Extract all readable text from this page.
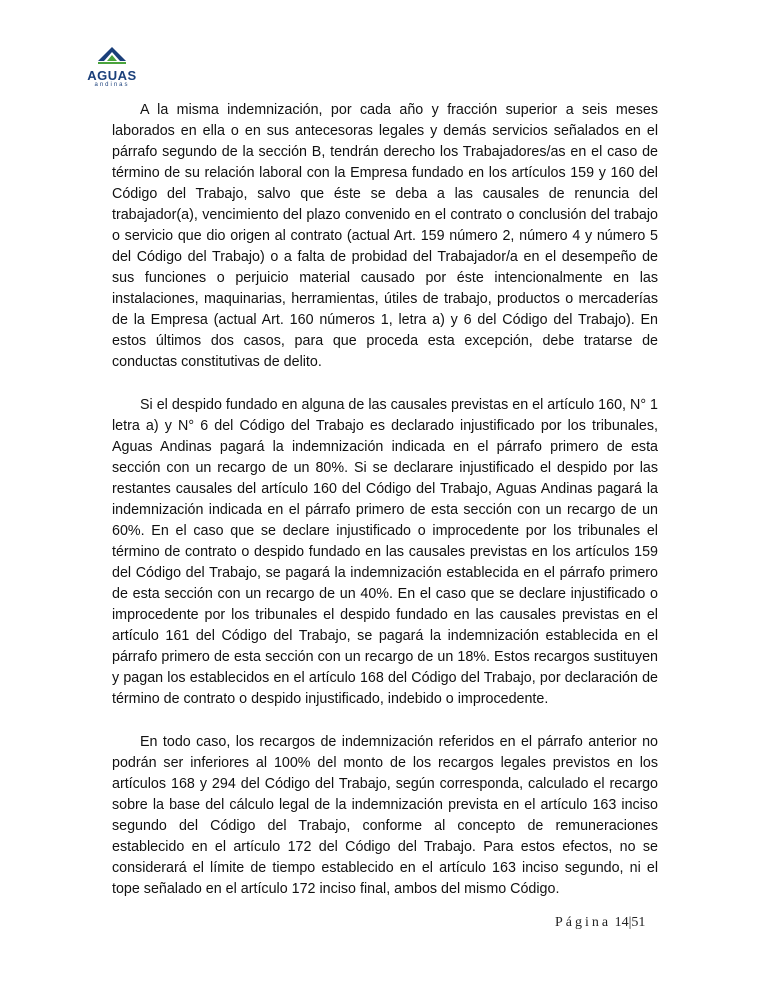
AGUAS
andinas

A la misma indemnización, por cada año y fracción superior a seis meses laborados en ella o en sus antecesoras legales y demás servicios señalados en el párrafo segundo de la sección B, tendrán derecho los Trabajadores/as en el caso de término de su relación laboral con la Empresa fundado en los artículos 159 y 160 del Código del Trabajo, salvo que éste se deba a las causales de renuncia del trabajador(a), vencimiento del plazo convenido en el contrato o conclusión del trabajo o servicio que dio origen al contrato (actual Art. 159 número 2, número 4 y número 5 del Código del Trabajo) o a falta de probidad del Trabajador/a en el desempeño de sus funciones o perjuicio material causado por éste intencionalmente en las instalaciones, maquinarias, herramientas, útiles de trabajo, productos o mercaderías de la Empresa (actual Art. 160 números 1, letra a) y 6 del Código del Trabajo). En estos últimos dos casos, para que proceda esta excepción, debe tratarse de conductas constitutivas de delito.

Si el despido fundado en alguna de las causales previstas en el artículo 160, N° 1 letra a) y N° 6 del Código del Trabajo es declarado injustificado por los tribunales, Aguas Andinas pagará la indemnización indicada en el párrafo primero de esta sección con un recargo de un 80%. Si se declarare injustificado el despido por las restantes causales del artículo 160 del Código del Trabajo, Aguas Andinas pagará la indemnización indicada en el párrafo primero de esta sección con un recargo de un 60%. En el caso que se declare injustificado o improcedente por los tribunales el término de contrato o despido fundado en las causales previstas en los artículos 159 del Código del Trabajo, se pagará la indemnización establecida en el párrafo primero de esta sección con un recargo de un 40%. En el caso que se declare injustificado o improcedente por los tribunales el despido fundado en las causales previstas en el artículo 161 del Código del Trabajo, se pagará la indemnización establecida en el párrafo primero de esta sección con un recargo de un 18%. Estos recargos sustituyen y pagan los establecidos en el artículo 168 del Código del Trabajo, por declaración de término de contrato o despido injustificado, indebido o improcedente.

En todo caso, los recargos de indemnización referidos en el párrafo anterior no podrán ser inferiores al 100% del monto de los recargos legales previstos en los artículos 168 y 294 del Código del Trabajo, según corresponda, calculado el recargo sobre la base del cálculo legal de la indemnización prevista en el artículo 163 inciso segundo del Código del Trabajo, conforme al concepto de remuneraciones establecido en el artículo 172 del Código del Trabajo. Para estos efectos, no se considerará el límite de tiempo establecido en el artículo 163 inciso segundo, ni el tope señalado en el artículo 172 inciso final, ambos del mismo Código.

Página 14|51
